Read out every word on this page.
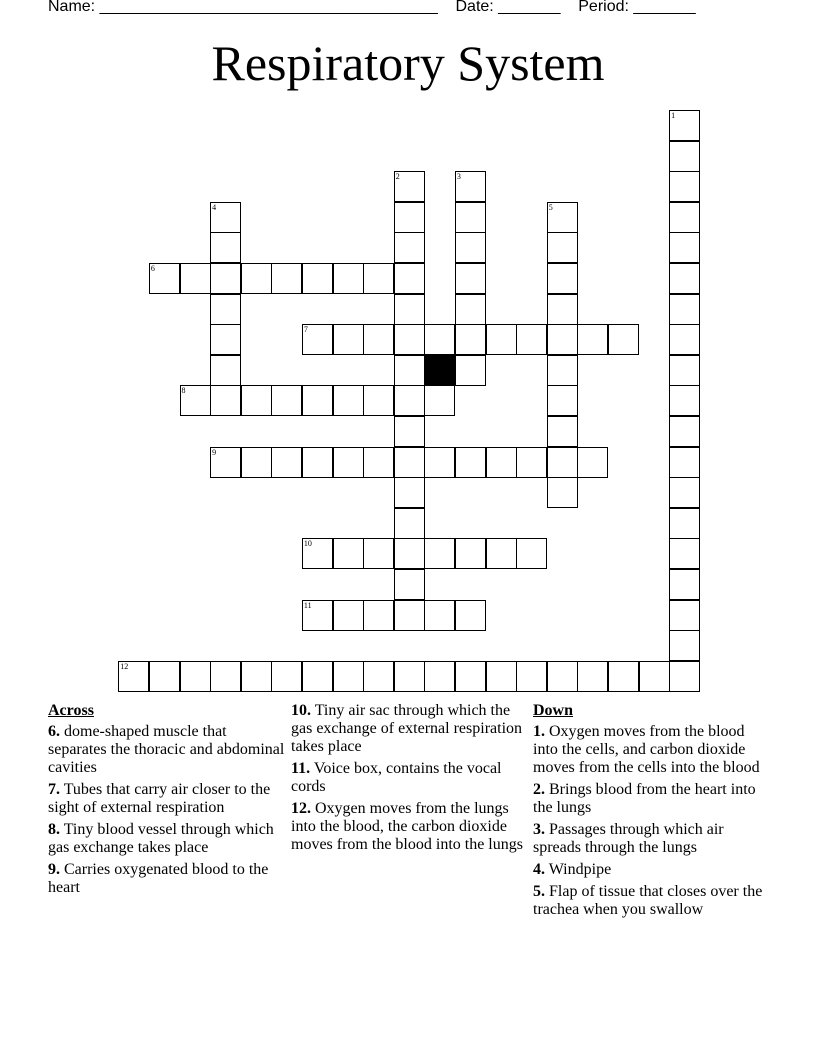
Name: ______________________________________    Date: _______    Period: _______
Respiratory System
6
7
8
9
10
11
12
1
2	3
4	5
Across
6. dome-shaped muscle that separates the thoracic and abdominal cavities
7. Tubes that carry air closer to the sight of external respiration
8. Tiny blood vessel through which gas exchange takes place
9. Carries oxygenated blood to the heart
10. Tiny air sac through which the gas exchange of external respiration takes place
11. Voice box, contains the vocal cords
12. Oxygen moves from the lungs into the blood, the carbon dioxide moves from the blood into the lungs
Down
1. Oxygen moves from the blood into the cells, and carbon dioxide moves from the cells into the blood
2. Brings blood from the heart into the lungs
3. Passages through which air spreads through the lungs
4. Windpipe
5. Flap of tissue that closes over the trachea when you swallow
